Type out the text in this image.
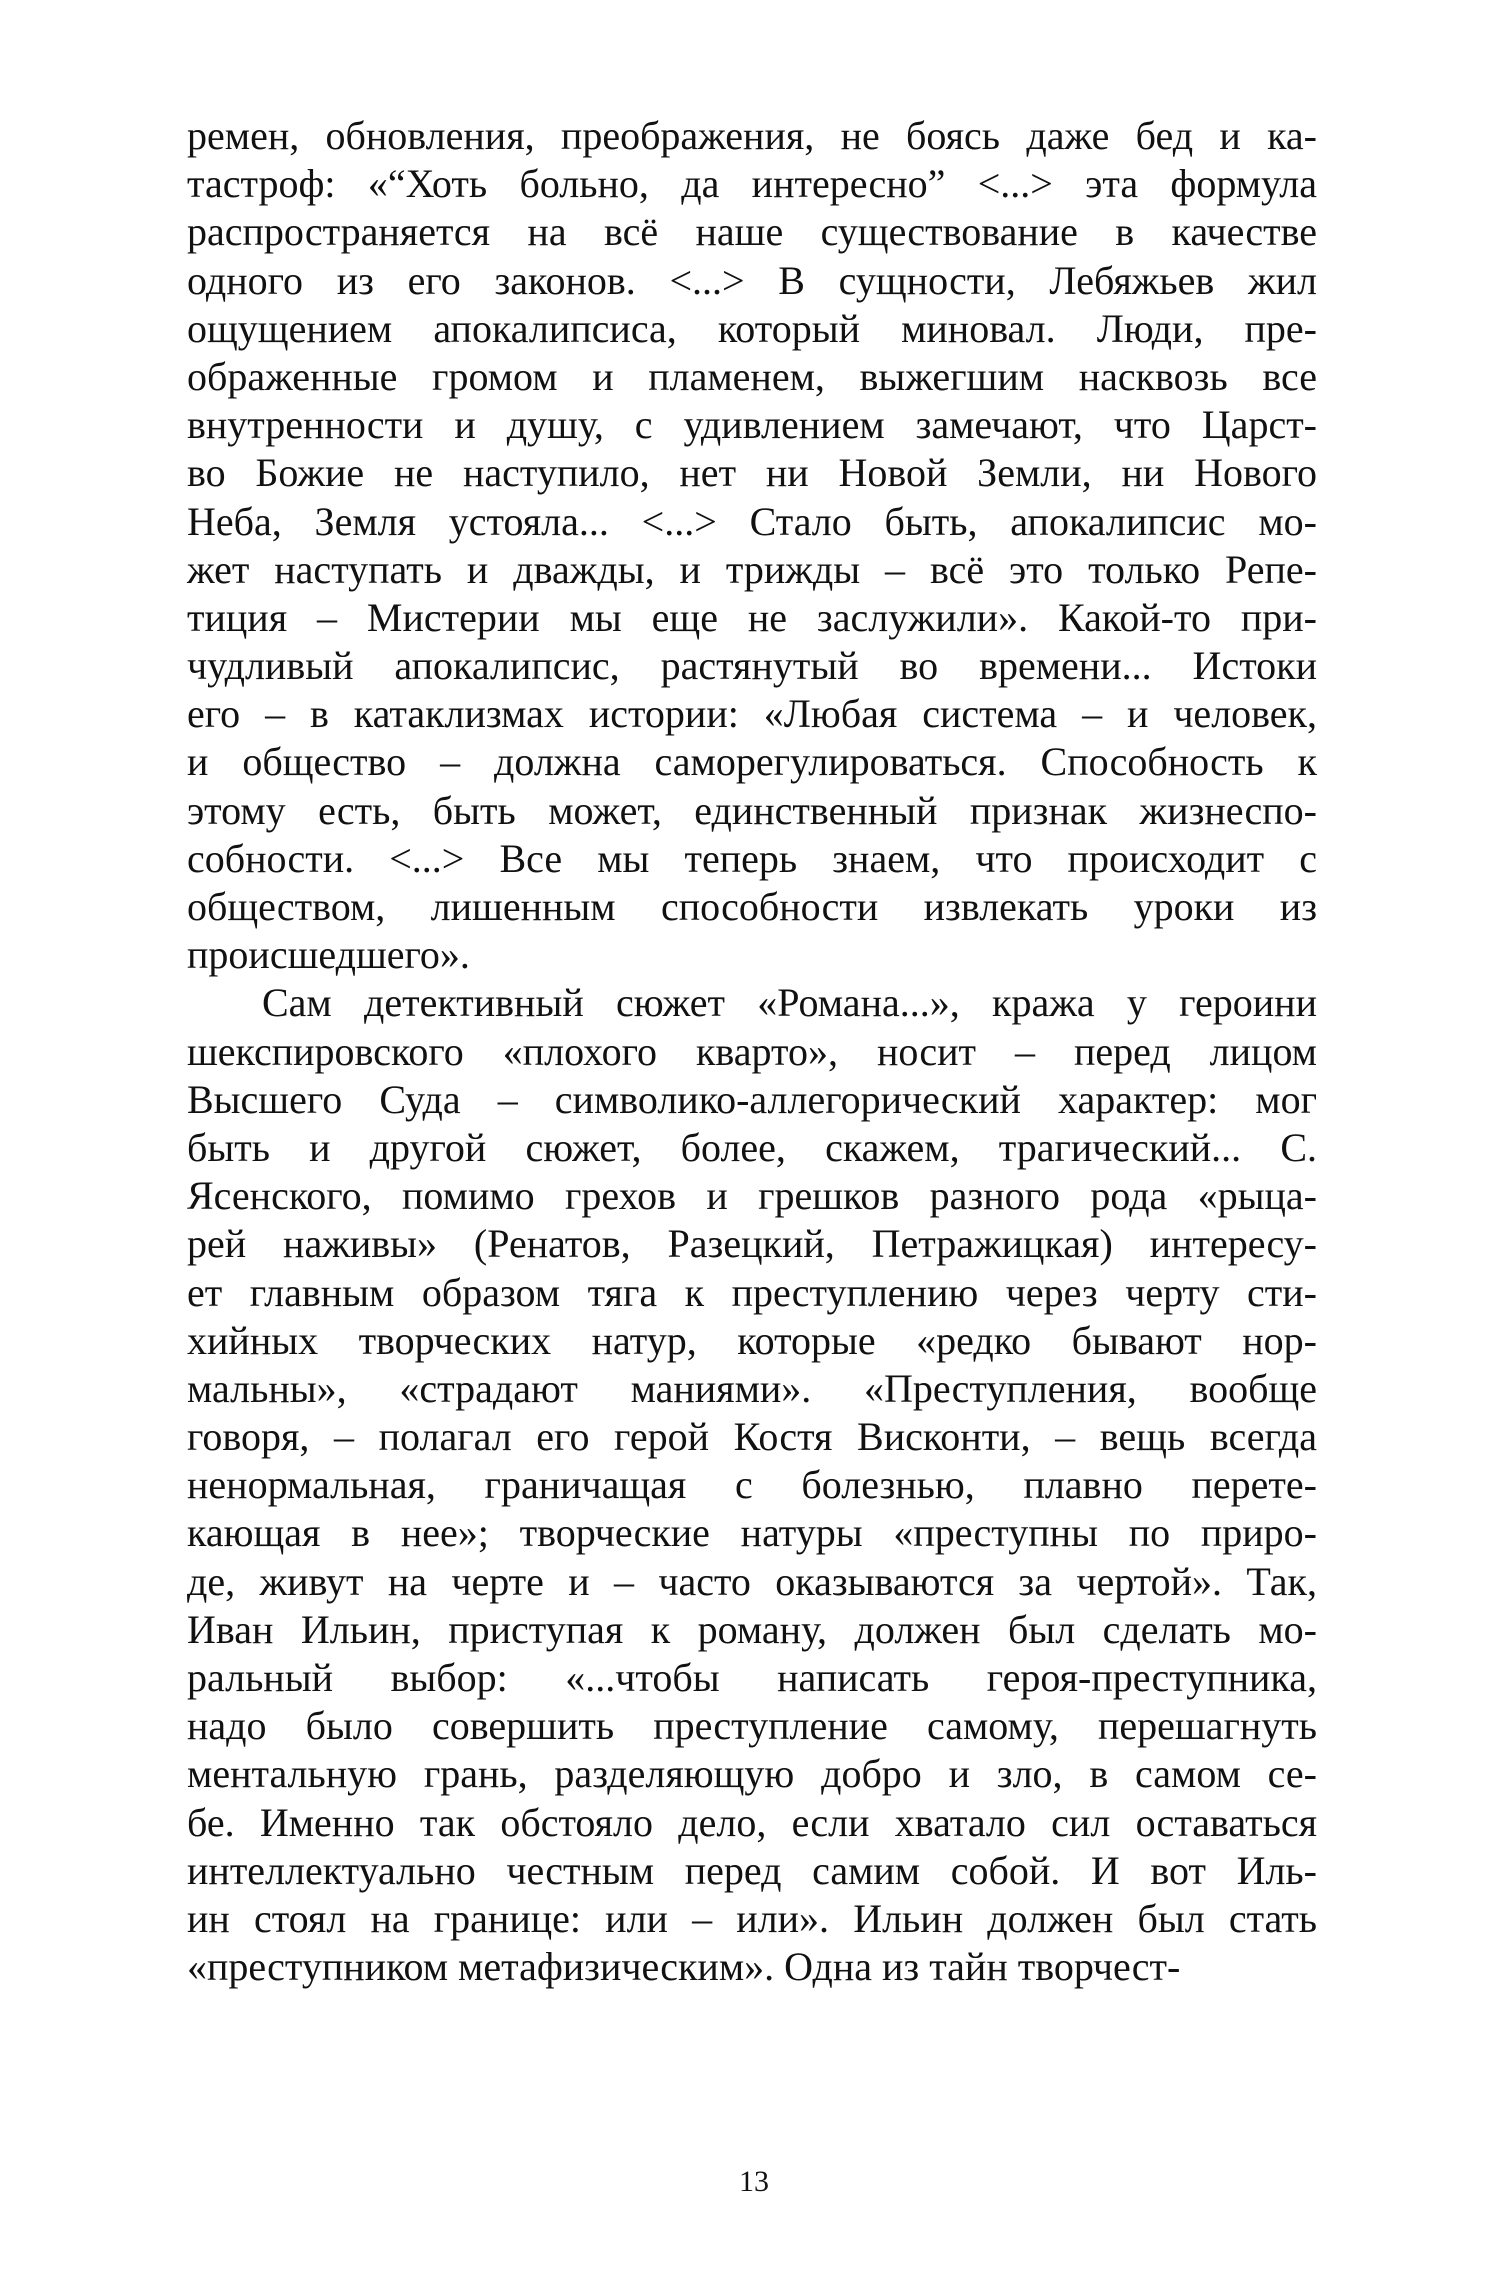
ремен, обновления, преображения, не боясь даже бед и ка-
тастроф: «“Хоть больно, да интересно” <...> эта формула
распространяется на всё наше существование в качестве
одного из его законов. <...> В сущности, Лебяжьев жил
ощущением апокалипсиса, который миновал. Люди, пре-
ображенные громом и пламенем, выжегшим насквозь все
внутренности и душу, с удивлением замечают, что Царст-
во Божие не наступило, нет ни Новой Земли, ни Нового
Неба, Земля устояла... <...> Стало быть, апокалипсис мо-
жет наступать и дважды, и трижды – всё это только Репе-
тиция – Мистерии мы еще не заслужили». Какой-то при-
чудливый апокалипсис, растянутый во времени... Истоки
его – в катаклизмах истории: «Любая система – и человек,
и общество – должна саморегулироваться. Способность к
этому есть, быть может, единственный признак жизнеспо-
собности. <...> Все мы теперь знаем, что происходит с
обществом, лишенным способности извлекать уроки из
происшедшего».
Сам детективный сюжет «Романа...», кража у героини
шекспировского «плохого кварто», носит – перед лицом
Высшего Суда – символико-аллегорический характер: мог
быть и другой сюжет, более, скажем, трагический... С.
Ясенского, помимо грехов и грешков разного рода «рыца-
рей наживы» (Ренатов, Разецкий, Петражицкая) интересу-
ет главным образом тяга к преступлению через черту сти-
хийных творческих натур, которые «редко бывают нор-
мальны», «страдают маниями». «Преступления, вообще
говоря, – полагал его герой Костя Висконти, – вещь всегда
ненормальная, граничащая с болезнью, плавно перете-
кающая в нее»; творческие натуры «преступны по приро-
де, живут на черте и – часто оказываются за чертой». Так,
Иван Ильин, приступая к роману, должен был сделать мо-
ральный выбор: «...чтобы написать героя-преступника,
надо было совершить преступление самому, перешагнуть
ментальную грань, разделяющую добро и зло, в самом се-
бе. Именно так обстояло дело, если хватало сил оставаться
интеллектуально честным перед самим собой. И вот Иль-
ин стоял на границе: или – или». Ильин должен был стать
«преступником метафизическим». Одна из тайн творчест-
13
